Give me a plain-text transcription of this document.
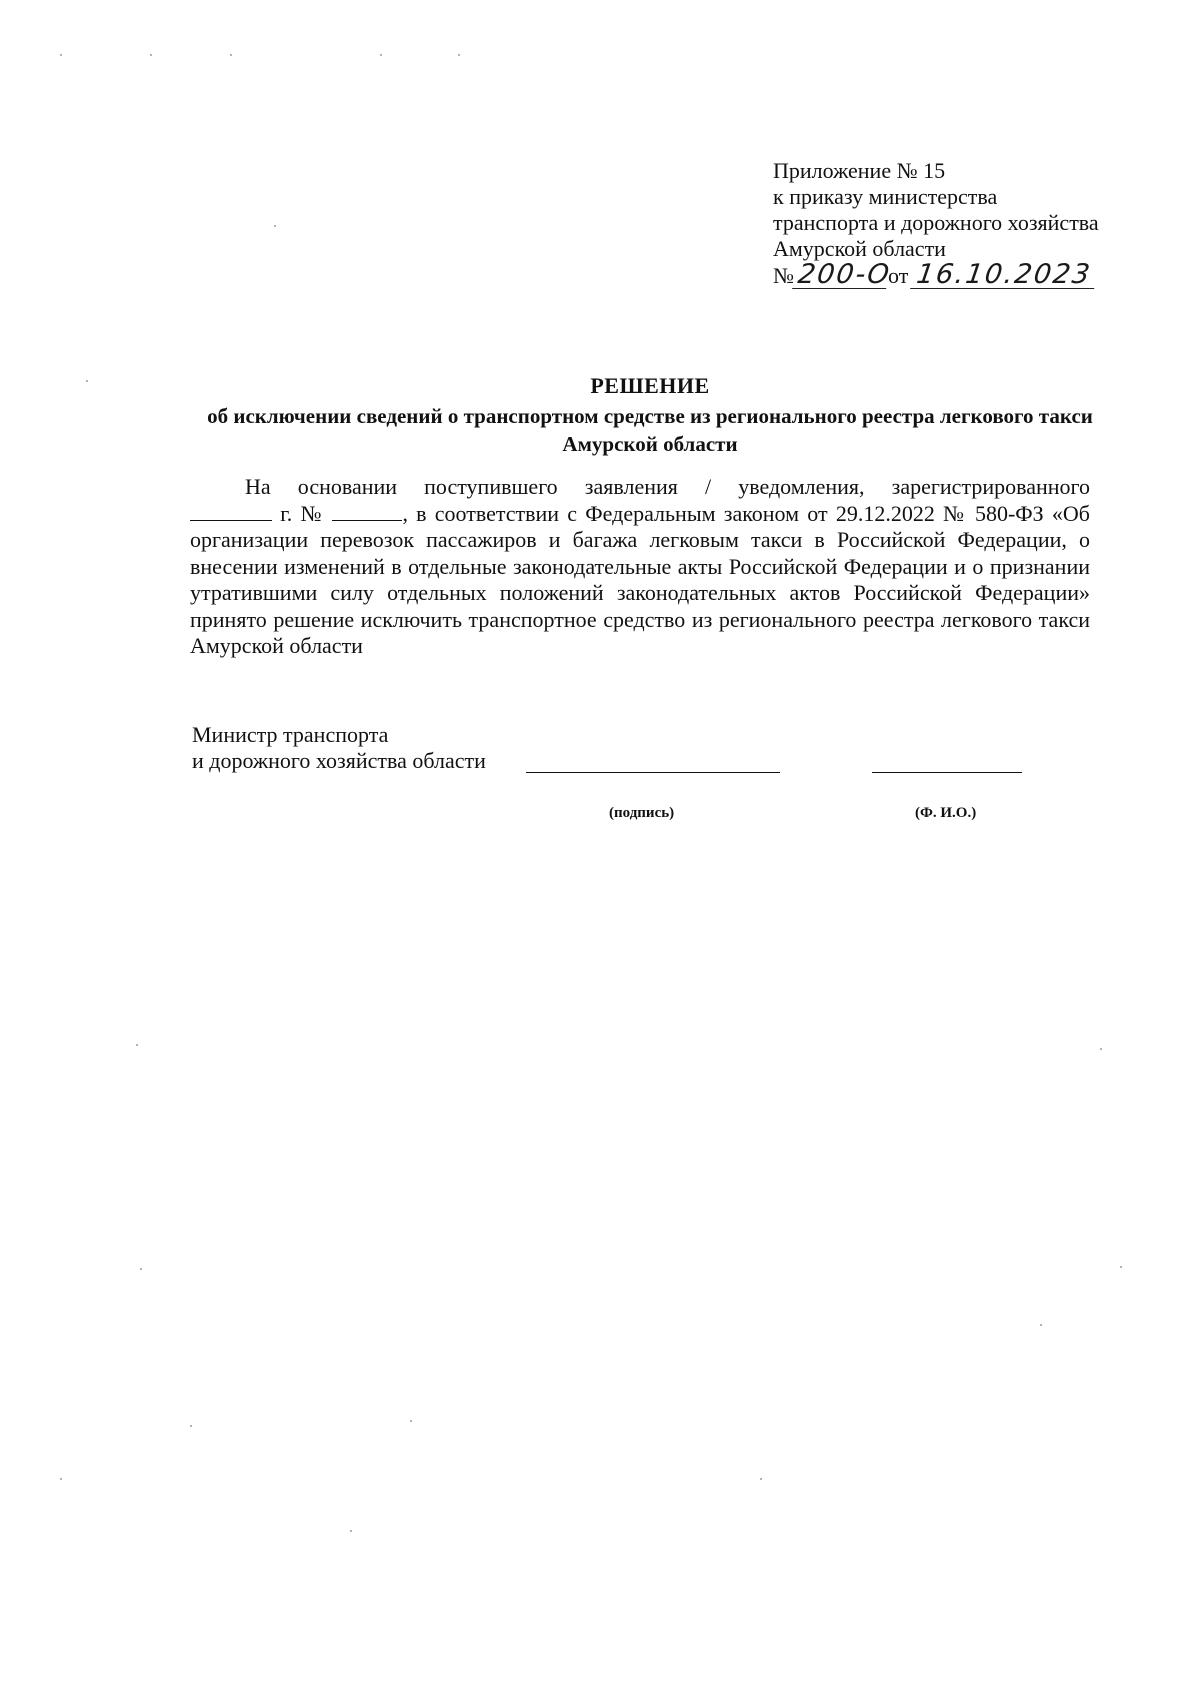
Приложение № 15
к приказу министерства
транспорта и дорожного хозяйства
Амурской области
№200-Оот 16.10.2023
РЕШЕНИЕ
об исключении сведений о транспортном средстве из регионального реестра легкового такси Амурской области
На основании поступившего заявления / уведомления, зарегистрированного
г. №	, в соответствии с Федеральным законом от 29.12.2022 № 580-ФЗ «Об организации перевозок пассажиров и багажа легковым такси в Российской Федерации, о внесении изменений в отдельные законодательные акты Российской Федерации и о признании утратившими силу отдельных положений законодательных актов Российской Федерации» принято решение исключить транспортное средство из регионального реестра легкового такси Амурской области
Министр транспорта
и дорожного хозяйства области
(подпись)	(Ф. И.О.)
